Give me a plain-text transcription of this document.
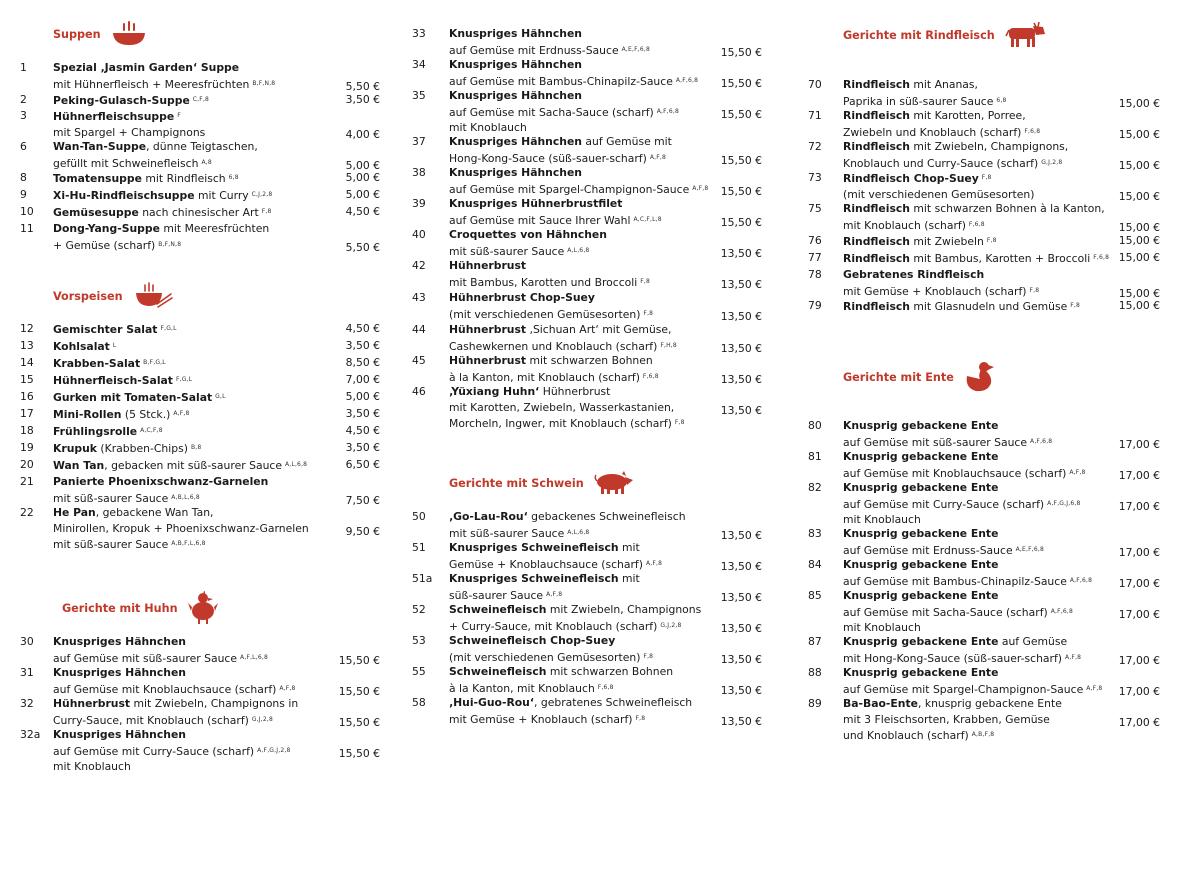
Suppen
1	Spezial ‚Jasmin Garden‘ Suppe
mit Hühnerfleisch + Meeresfrüchten $^{B,F,N,8}$	5,50 €
2	Peking-Gulasch-Suppe $^{C,F,8}$	3,50 €
3	Hühnerfleischsuppe $^F$
mit Spargel + Champignons	4,00 €
6	Wan-Tan-Suppe, dünne Teigtaschen,
gefüllt mit Schweinefleisch $^{A,8}$	5,00 €
8	Tomatensuppe mit Rindfleisch $^{6,8}$	5,00 €
9	Xi-Hu-Rindfleischsuppe mit Curry $^{C,J,2,8}$	5,00 €
10	Gemüsesuppe nach chinesischer Art $^{F,8}$	4,50 €
11	Dong-Yang-Suppe mit Meeresfrüchten
+ Gemüse (scharf) $^{B,F,N,8}$	5,50 €
Vorspeisen
12	Gemischter Salat $^{F,G,L}$	4,50 €
13	Kohlsalat $^L$	3,50 €
14	Krabben-Salat $^{B,F,G,L}$	8,50 €
15	Hühnerfleisch-Salat $^{F,G,L}$	7,00 €
16	Gurken mit Tomaten-Salat $^{G,L}$	5,00 €
17	Mini-Rollen (5 Stck.) $^{A,F,8}$	3,50 €
18	Frühlingsrolle $^{A,C,F,8}$	4,50 €
19	Krupuk (Krabben-Chips) $^{B,8}$	3,50 €
20	Wan Tan, gebacken mit süß-saurer Sauce $^{A,L,6,8}$	6,50 €
21	Panierte Phoenixschwanz-Garnelen
mit süß-saurer Sauce $^{A,B,L,6,8}$	7,50 €
22	He Pan, gebackene Wan Tan,
Minirollen, Kropuk + Phoenixschwanz-Garnelen
mit süß-saurer Sauce $^{A,B,F,L,6,8}$
9,50 €
Gerichte mit Huhn
30	Knuspriges Hähnchen
auf Gemüse mit süß-saurer Sauce $^{A,F,L,6,8}$	15,50 €
31	Knuspriges Hähnchen
auf Gemüse mit Knoblauchsauce (scharf) $^{A,F,8}$	15,50 €
32	Hühnerbrust mit Zwiebeln, Champignons in
Curry-Sauce, mit Knoblauch (scharf) $^{G,J,2,8}$	15,50 €
32a	Knuspriges Hähnchen
auf Gemüse mit Curry-Sauce (scharf) $^{A,F,G,J,2,8}$
mit Knoblauch
15,50 €
33	Knuspriges Hähnchen
auf Gemüse mit Erdnuss-Sauce $^{A,E,F,6,8}$	15,50 €
34	Knuspriges Hähnchen
auf Gemüse mit Bambus-Chinapilz-Sauce $^{A,F,6,8}$	15,50 €
35	Knuspriges Hähnchen
auf Gemüse mit Sacha-Sauce (scharf) $^{A,F,6,8}$
mit Knoblauch
15,50 €
37	Knuspriges Hähnchen auf Gemüse mit
Hong-Kong-Sauce (süß-sauer-scharf) $^{A,F,8}$	15,50 €
38	Knuspriges Hähnchen
auf Gemüse mit Spargel-Champignon-Sauce $^{A,F,8}$	15,50 €
39	Knuspriges Hühnerbrustfilet
auf Gemüse mit Sauce Ihrer Wahl $^{A,C,F,L,8}$	15,50 €
40	Croquettes von Hähnchen
mit süß-saurer Sauce $^{A,L,6,8}$	13,50 €
42	Hühnerbrust
mit Bambus, Karotten und Broccoli $^{F,8}$	13,50 €
43	Hühnerbrust Chop-Suey
(mit verschiedenen Gemüsesorten) $^{F,8}$	13,50 €
44	Hühnerbrust ‚Sichuan Art‘ mit Gemüse,
Cashewkernen und Knoblauch (scharf) $^{F,H,8}$	13,50 €
45	Hühnerbrust mit schwarzen Bohnen
à la Kanton, mit Knoblauch (scharf) $^{F,6,8}$	13,50 €
46	‚Yüxiang Huhn‘ Hühnerbrust
mit Karotten, Zwiebeln, Wasserkastanien,
Morcheln, Ingwer, mit Knoblauch (scharf) $^{F,8}$
13,50 €
Gerichte mit Schwein
50	‚Go-Lau-Rou‘ gebackenes Schweinefleisch
mit süß-saurer Sauce $^{A,L,6,8}$	13,50 €
51	Knuspriges Schweinefleisch mit
Gemüse + Knoblauchsauce (scharf) $^{A,F,8}$	13,50 €
51a	Knuspriges Schweinefleisch mit
süß-saurer Sauce $^{A,F,8}$	13,50 €
52	Schweinefleisch mit Zwiebeln, Champignons
+ Curry-Sauce, mit Knoblauch (scharf) $^{G,J,2,8}$	13,50 €
53	Schweinefleisch Chop-Suey
(mit verschiedenen Gemüsesorten) $^{F,8}$	13,50 €
55	Schweinefleisch mit schwarzen Bohnen
à la Kanton, mit Knoblauch $^{F,6,8}$	13,50 €
58	‚Hui-Guo-Rou‘, gebratenes Schweinefleisch
mit Gemüse + Knoblauch (scharf) $^{F,8}$	13,50 €
Gerichte mit Rindfleisch
70	Rindfleisch mit Ananas,
Paprika in süß-saurer Sauce $^{6,8}$	15,00 €
71	Rindfleisch mit Karotten, Porree,
Zwiebeln und Knoblauch (scharf) $^{F,6,8}$	15,00 €
72	Rindfleisch mit Zwiebeln, Champignons,
Knoblauch und Curry-Sauce (scharf) $^{G,J,2,8}$	15,00 €
73	Rindfleisch Chop-Suey $^{F,8}$
(mit verschiedenen Gemüsesorten)	15,00 €
75	Rindfleisch mit schwarzen Bohnen à la Kanton,
mit Knoblauch (scharf) $^{F,6,8}$	15,00 €
76	Rindfleisch mit Zwiebeln $^{F,8}$	15,00 €
77	Rindfleisch mit Bambus, Karotten + Broccoli $^{F,6,8}$ 15,00 €
78	Gebratenes Rindfleisch
mit Gemüse + Knoblauch (scharf) $^{F,8}$	15,00 €
79	Rindfleisch mit Glasnudeln und Gemüse $^{F,8}$	15,00 €
Gerichte mit Ente
80	Knusprig gebackene Ente
auf Gemüse mit süß-saurer Sauce $^{A,F,6,8}$	17,00 €
81	Knusprig gebackene Ente
auf Gemüse mit Knoblauchsauce (scharf) $^{A,F,8}$	17,00 €
82	Knusprig gebackene Ente
auf Gemüse mit Curry-Sauce (scharf) $^{A,F,G,J,6,8}$
mit Knoblauch
17,00 €
83	Knusprig gebackene Ente
auf Gemüse mit Erdnuss-Sauce $^{A,E,F,6,8}$	17,00 €
84	Knusprig gebackene Ente
auf Gemüse mit Bambus-Chinapilz-Sauce $^{A,F,6,8}$	17,00 €
85	Knusprig gebackene Ente
auf Gemüse mit Sacha-Sauce (scharf) $^{A,F,6,8}$
mit Knoblauch
17,00 €
87	Knusprig gebackene Ente auf Gemüse
mit Hong-Kong-Sauce (süß-sauer-scharf) $^{A,F,8}$	17,00 €
88	Knusprig gebackene Ente
auf Gemüse mit Spargel-Champignon-Sauce $^{A,F,8}$	17,00 €
89	Ba-Bao-Ente, knusprig gebackene Ente
mit 3 Fleischsorten, Krabben, Gemüse
und Knoblauch (scharf) $^{A,B,F,8}$
17,00 €
